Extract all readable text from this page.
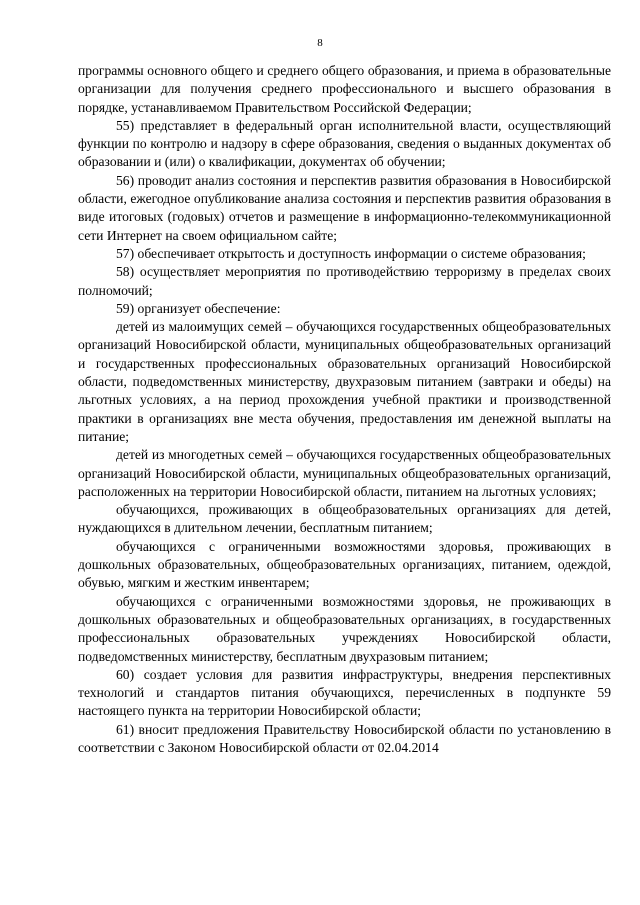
8

программы основного общего и среднего общего образования, и приема в образовательные организации для получения среднего профессионального и высшего образования в порядке, устанавливаемом Правительством Российской Федерации;

55) представляет в федеральный орган исполнительной власти, осуществляющий функции по контролю и надзору в сфере образования, сведения о выданных документах об образовании и (или) о квалификации, документах об обучении;

56) проводит анализ состояния и перспектив развития образования в Новосибирской области, ежегодное опубликование анализа состояния и перспектив развития образования в виде итоговых (годовых) отчетов и размещение в информационно-телекоммуникационной сети Интернет на своем официальном сайте;

57) обеспечивает открытость и доступность информации о системе образования;

58) осуществляет мероприятия по противодействию терроризму в пределах своих полномочий;

59) организует обеспечение:

детей из малоимущих семей – обучающихся государственных общеобразовательных организаций Новосибирской области, муниципальных общеобразовательных организаций и государственных профессиональных образовательных организаций Новосибирской области, подведомственных министерству, двухразовым питанием (завтраки и обеды) на льготных условиях, а на период прохождения учебной практики и производственной практики в организациях вне места обучения, предоставления им денежной выплаты на питание;

детей из многодетных семей – обучающихся государственных общеобразовательных организаций Новосибирской области, муниципальных общеобразовательных организаций, расположенных на территории Новосибирской области, питанием на льготных условиях;

обучающихся, проживающих в общеобразовательных организациях для детей, нуждающихся в длительном лечении, бесплатным питанием;

обучающихся с ограниченными возможностями здоровья, проживающих в дошкольных образовательных, общеобразовательных организациях, питанием, одеждой, обувью, мягким и жестким инвентарем;

обучающихся с ограниченными возможностями здоровья, не проживающих в дошкольных образовательных и общеобразовательных организациях, в государственных профессиональных образовательных учреждениях Новосибирской области, подведомственных министерству, бесплатным двухразовым питанием;

60) создает условия для развития инфраструктуры, внедрения перспективных технологий и стандартов питания обучающихся, перечисленных в подпункте 59 настоящего пункта на территории Новосибирской области;

61) вносит предложения Правительству Новосибирской области по установлению в соответствии с Законом Новосибирской области от 02.04.2014
